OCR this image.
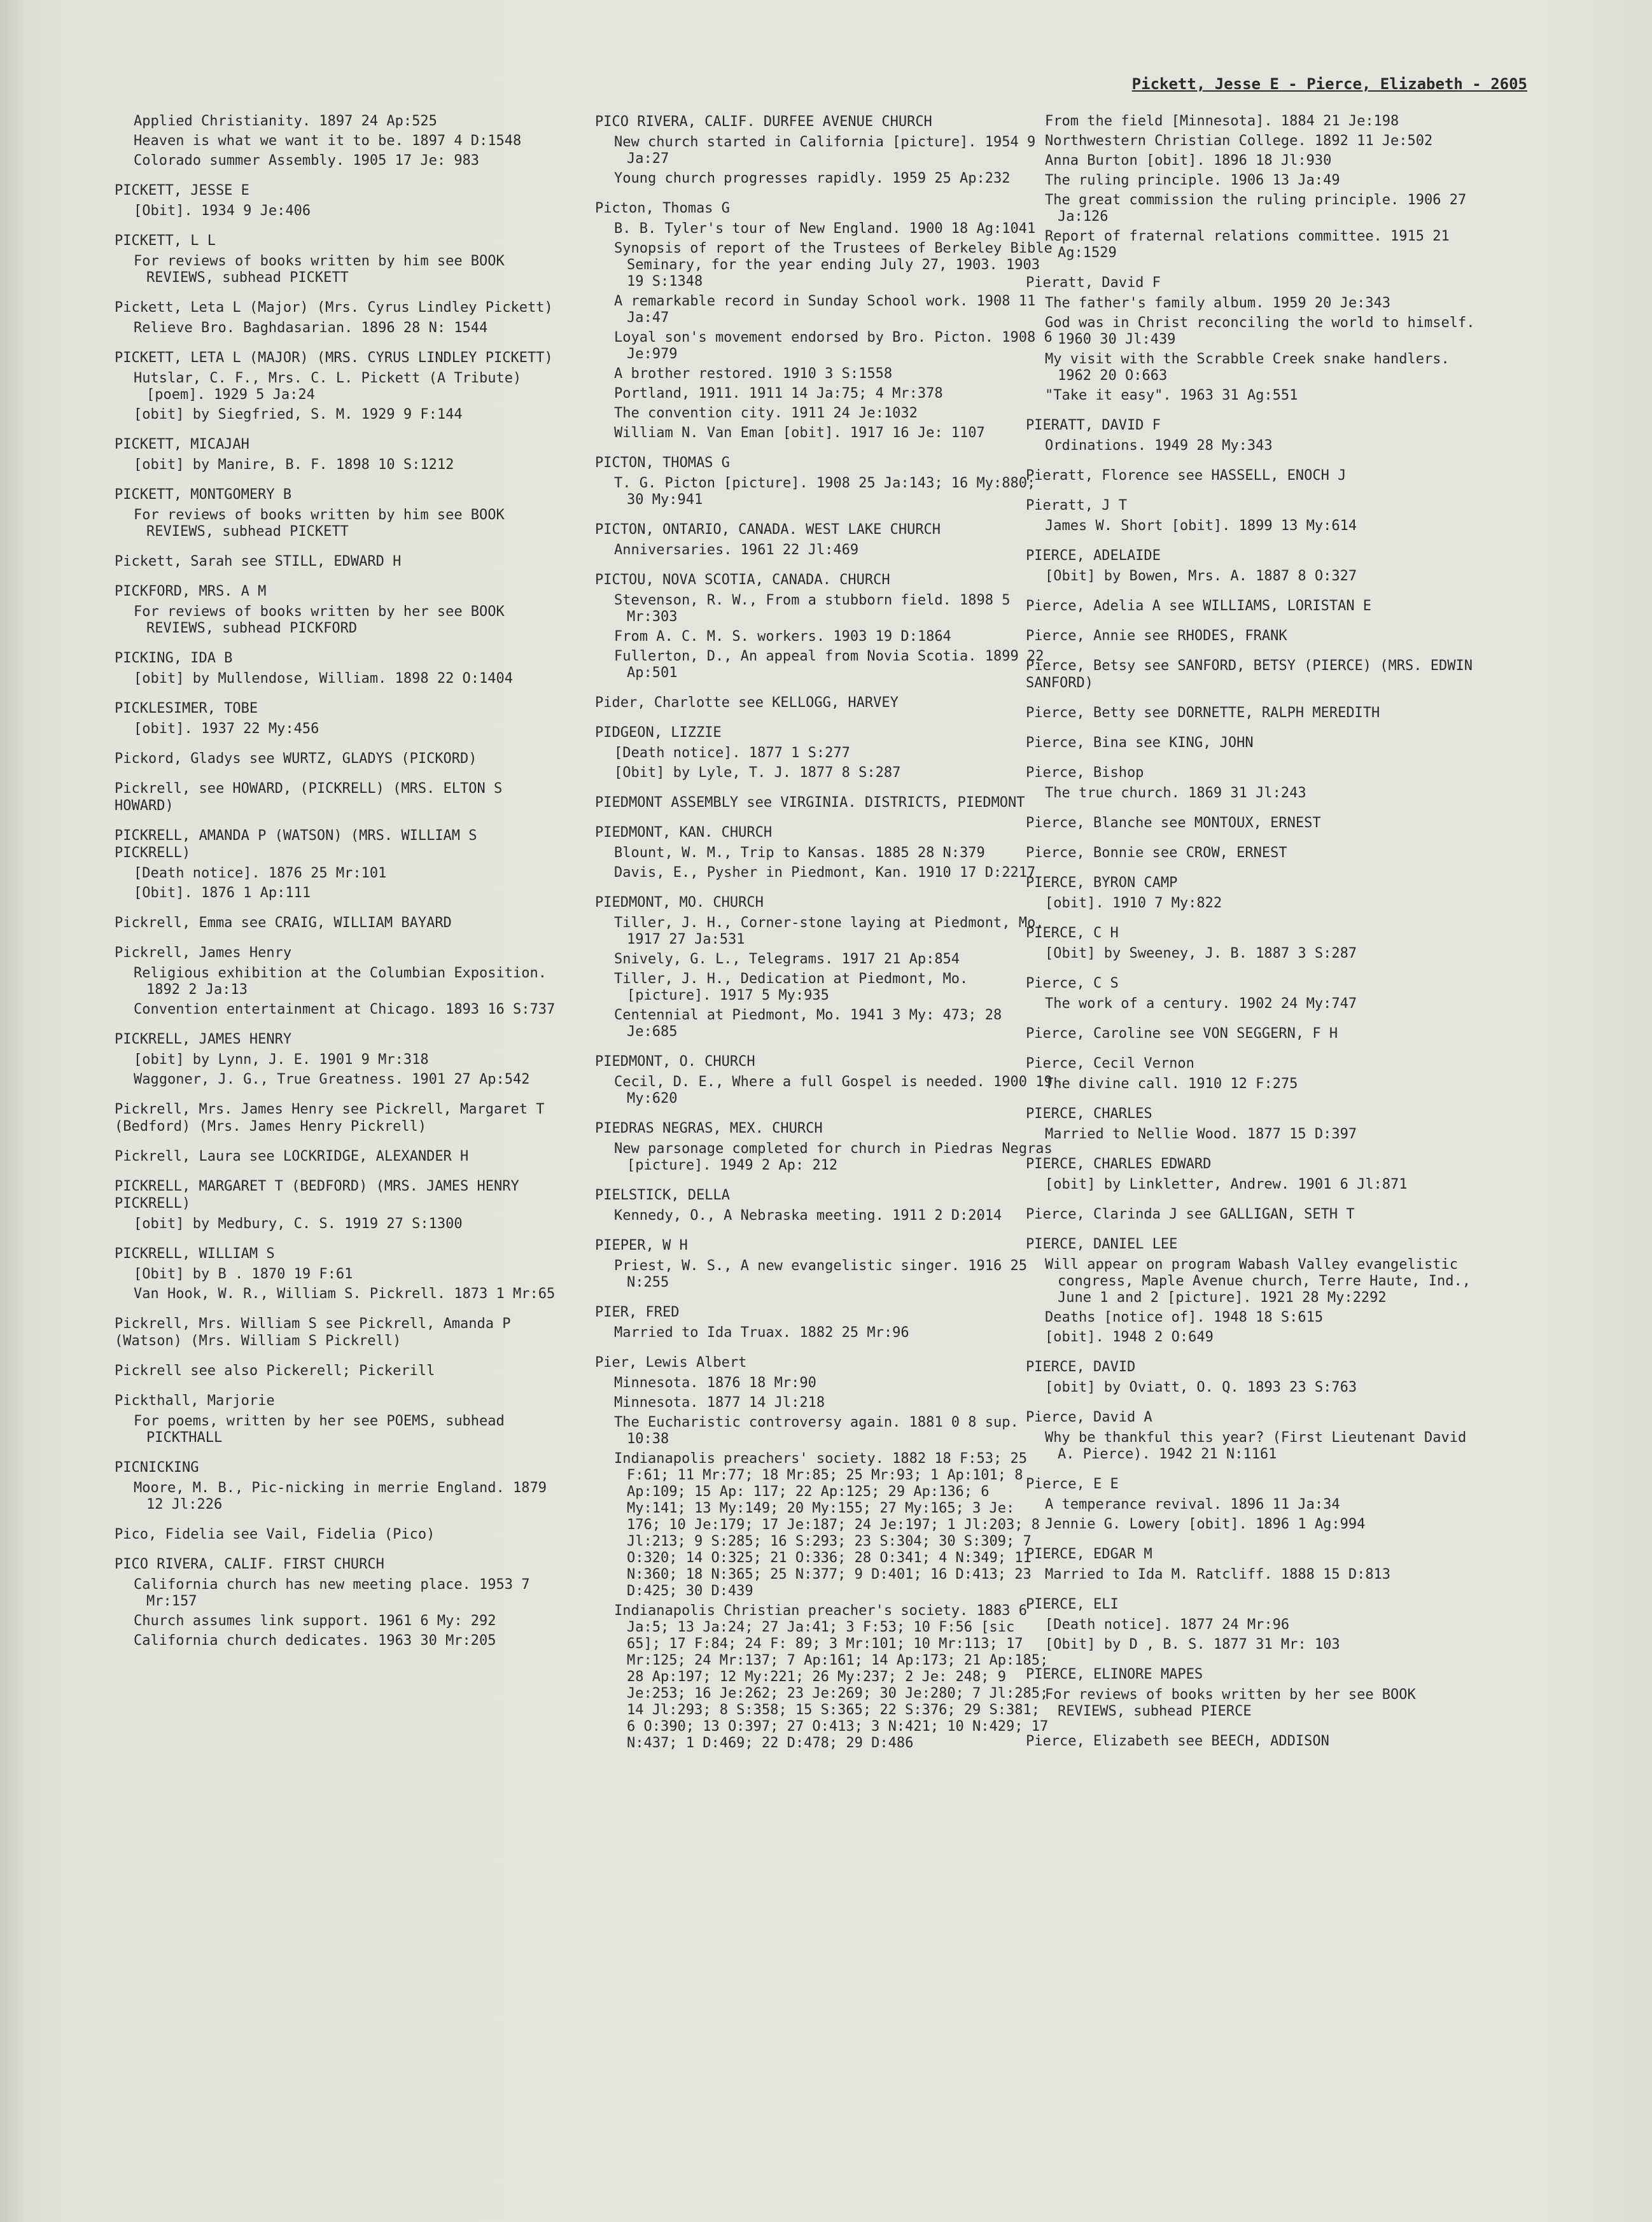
Pickett, Jesse E - Pierce, Elizabeth - 2605
Applied Christianity. 1897 24 Ap:525
Heaven is what we want it to be. 1897 4 D:1548
Colorado summer Assembly. 1905 17 Je: 983
PICKETT, JESSE E
[Obit]. 1934 9 Je:406
PICKETT, L L
For reviews of books written by him see BOOK REVIEWS, subhead PICKETT
Pickett, Leta L (Major) (Mrs. Cyrus Lindley Pickett)
Relieve Bro. Baghdasarian. 1896 28 N: 1544
PICKETT, LETA L (MAJOR) (MRS. CYRUS LINDLEY PICKETT)
Hutslar, C. F., Mrs. C. L. Pickett (A Tribute) [poem]. 1929 5 Ja:24
[obit] by Siegfried, S. M. 1929 9 F:144
PICKETT, MICAJAH
[obit] by Manire, B. F. 1898 10 S:1212
PICKETT, MONTGOMERY B
For reviews of books written by him see BOOK REVIEWS, subhead PICKETT
Pickett, Sarah see STILL, EDWARD H
PICKFORD, MRS. A M
For reviews of books written by her see BOOK REVIEWS, subhead PICKFORD
PICKING, IDA B
[obit] by Mullendose, William. 1898 22 O:1404
PICKLESIMER, TOBE
[obit]. 1937 22 My:456
Pickord, Gladys see WURTZ, GLADYS (PICKORD)
Pickrell, see HOWARD, (PICKRELL) (MRS. ELTON S HOWARD)
PICKRELL, AMANDA P (WATSON) (MRS. WILLIAM S PICKRELL)
[Death notice]. 1876 25 Mr:101
[Obit]. 1876 1 Ap:111
Pickrell, Emma see CRAIG, WILLIAM BAYARD
Pickrell, James Henry
Religious exhibition at the Columbian Exposition. 1892 2 Ja:13
Convention entertainment at Chicago. 1893 16 S:737
PICKRELL, JAMES HENRY
[obit] by Lynn, J. E. 1901 9 Mr:318
Waggoner, J. G., True Greatness. 1901 27 Ap:542
Pickrell, Mrs. James Henry see Pickrell, Margaret T (Bedford) (Mrs. James Henry Pickrell)
Pickrell, Laura see LOCKRIDGE, ALEXANDER H
PICKRELL, MARGARET T (BEDFORD) (MRS. JAMES HENRY PICKRELL)
[obit] by Medbury, C. S. 1919 27 S:1300
PICKRELL, WILLIAM S
[Obit] by B . 1870 19 F:61
Van Hook, W. R., William S. Pickrell. 1873 1 Mr:65
Pickrell, Mrs. William S see Pickrell, Amanda P (Watson) (Mrs. William S Pickrell)
Pickrell see also Pickerell; Pickerill
Pickthall, Marjorie
For poems, written by her see POEMS, subhead PICKTHALL
PICNICKING
Moore, M. B., Pic-nicking in merrie England. 1879 12 Jl:226
Pico, Fidelia see Vail, Fidelia (Pico)
PICO RIVERA, CALIF. FIRST CHURCH
California church has new meeting place. 1953 7 Mr:157
Church assumes link support. 1961 6 My: 292
California church dedicates. 1963 30 Mr:205
PICO RIVERA, CALIF. DURFEE AVENUE CHURCH
New church started in California [picture]. 1954 9 Ja:27
Young church progresses rapidly. 1959 25 Ap:232
Picton, Thomas G
B. B. Tyler's tour of New England. 1900 18 Ag:1041
Synopsis of report of the Trustees of Berkeley Bible Seminary, for the year ending July 27, 1903. 1903 19 S:1348
A remarkable record in Sunday School work. 1908 11 Ja:47
Loyal son's movement endorsed by Bro. Picton. 1908 6 Je:979
A brother restored. 1910 3 S:1558
Portland, 1911. 1911 14 Ja:75; 4 Mr:378
The convention city. 1911 24 Je:1032
William N. Van Eman [obit]. 1917 16 Je: 1107
PICTON, THOMAS G
T. G. Picton [picture]. 1908 25 Ja:143; 16 My:880; 30 My:941
PICTON, ONTARIO, CANADA. WEST LAKE CHURCH
Anniversaries. 1961 22 Jl:469
PICTOU, NOVA SCOTIA, CANADA. CHURCH
Stevenson, R. W., From a stubborn field. 1898 5 Mr:303
From A. C. M. S. workers. 1903 19 D:1864
Fullerton, D., An appeal from Novia Scotia. 1899 22 Ap:501
Pider, Charlotte see KELLOGG, HARVEY
PIDGEON, LIZZIE
[Death notice]. 1877 1 S:277
[Obit] by Lyle, T. J. 1877 8 S:287
PIEDMONT ASSEMBLY see VIRGINIA. DISTRICTS, PIEDMONT
PIEDMONT, KAN. CHURCH
Blount, W. M., Trip to Kansas. 1885 28 N:379
Davis, E., Pysher in Piedmont, Kan. 1910 17 D:2217
PIEDMONT, MO. CHURCH
Tiller, J. H., Corner-stone laying at Piedmont, Mo. 1917 27 Ja:531
Snively, G. L., Telegrams. 1917 21 Ap:854
Tiller, J. H., Dedication at Piedmont, Mo. [picture]. 1917 5 My:935
Centennial at Piedmont, Mo. 1941 3 My: 473; 28 Je:685
PIEDMONT, O. CHURCH
Cecil, D. E., Where a full Gospel is needed. 1900 19 My:620
PIEDRAS NEGRAS, MEX. CHURCH
New parsonage completed for church in Piedras Negras [picture]. 1949 2 Ap: 212
PIELSTICK, DELLA
Kennedy, O., A Nebraska meeting. 1911 2 D:2014
PIEPER, W H
Priest, W. S., A new evangelistic singer. 1916 25 N:255
PIER, FRED
Married to Ida Truax. 1882 25 Mr:96
Pier, Lewis Albert
Minnesota. 1876 18 Mr:90
Minnesota. 1877 14 Jl:218
The Eucharistic controversy again. 1881 0 8 sup. 10:38
Indianapolis preachers' society. 1882 18 F:53; 25 F:61; 11 Mr:77; 18 Mr:85; 25 Mr:93; 1 Ap:101; 8 Ap:109; 15 Ap: 117; 22 Ap:125; 29 Ap:136; 6 My:141; 13 My:149; 20 My:155; 27 My:165; 3 Je: 176; 10 Je:179; 17 Je:187; 24 Je:197; 1 Jl:203; 8 Jl:213; 9 S:285; 16 S:293; 23 S:304; 30 S:309; 7 O:320; 14 O:325; 21 O:336; 28 O:341; 4 N:349; 11 N:360; 18 N:365; 25 N:377; 9 D:401; 16 D:413; 23 D:425; 30 D:439
Indianapolis Christian preacher's society. 1883 6 Ja:5; 13 Ja:24; 27 Ja:41; 3 F:53; 10 F:56 [sic 65]; 17 F:84; 24 F: 89; 3 Mr:101; 10 Mr:113; 17 Mr:125; 24 Mr:137; 7 Ap:161; 14 Ap:173; 21 Ap:185; 28 Ap:197; 12 My:221; 26 My:237; 2 Je: 248; 9 Je:253; 16 Je:262; 23 Je:269; 30 Je:280; 7 Jl:285; 14 Jl:293; 8 S:358; 15 S:365; 22 S:376; 29 S:381; 6 O:390; 13 O:397; 27 O:413; 3 N:421; 10 N:429; 17 N:437; 1 D:469; 22 D:478; 29 D:486
From the field [Minnesota]. 1884 21 Je:198
Northwestern Christian College. 1892 11 Je:502
Anna Burton [obit]. 1896 18 Jl:930
The ruling principle. 1906 13 Ja:49
The great commission the ruling principle. 1906 27 Ja:126
Report of fraternal relations committee. 1915 21 Ag:1529
Pieratt, David F
The father's family album. 1959 20 Je:343
God was in Christ reconciling the world to himself. 1960 30 Jl:439
My visit with the Scrabble Creek snake handlers. 1962 20 O:663
"Take it easy". 1963 31 Ag:551
PIERATT, DAVID F
Ordinations. 1949 28 My:343
Pieratt, Florence see HASSELL, ENOCH J
Pieratt, J T
James W. Short [obit]. 1899 13 My:614
PIERCE, ADELAIDE
[Obit] by Bowen, Mrs. A. 1887 8 O:327
Pierce, Adelia A see WILLIAMS, LORISTAN E
Pierce, Annie see RHODES, FRANK
Pierce, Betsy see SANFORD, BETSY (PIERCE) (MRS. EDWIN SANFORD)
Pierce, Betty see DORNETTE, RALPH MEREDITH
Pierce, Bina see KING, JOHN
Pierce, Bishop
The true church. 1869 31 Jl:243
Pierce, Blanche see MONTOUX, ERNEST
Pierce, Bonnie see CROW, ERNEST
PIERCE, BYRON CAMP
[obit]. 1910 7 My:822
PIERCE, C H
[Obit] by Sweeney, J. B. 1887 3 S:287
Pierce, C S
The work of a century. 1902 24 My:747
Pierce, Caroline see VON SEGGERN, F H
Pierce, Cecil Vernon
The divine call. 1910 12 F:275
PIERCE, CHARLES
Married to Nellie Wood. 1877 15 D:397
PIERCE, CHARLES EDWARD
[obit] by Linkletter, Andrew. 1901 6 Jl:871
Pierce, Clarinda J see GALLIGAN, SETH T
PIERCE, DANIEL LEE
Will appear on program Wabash Valley evangelistic congress, Maple Avenue church, Terre Haute, Ind., June 1 and 2 [picture]. 1921 28 My:2292
Deaths [notice of]. 1948 18 S:615
[obit]. 1948 2 O:649
PIERCE, DAVID
[obit] by Oviatt, O. Q. 1893 23 S:763
Pierce, David A
Why be thankful this year? (First Lieutenant David A. Pierce). 1942 21 N:1161
Pierce, E E
A temperance revival. 1896 11 Ja:34
Jennie G. Lowery [obit]. 1896 1 Ag:994
PIERCE, EDGAR M
Married to Ida M. Ratcliff. 1888 15 D:813
PIERCE, ELI
[Death notice]. 1877 24 Mr:96
[Obit] by D , B. S. 1877 31 Mr: 103
PIERCE, ELINORE MAPES
For reviews of books written by her see BOOK REVIEWS, subhead PIERCE
Pierce, Elizabeth see BEECH, ADDISON
